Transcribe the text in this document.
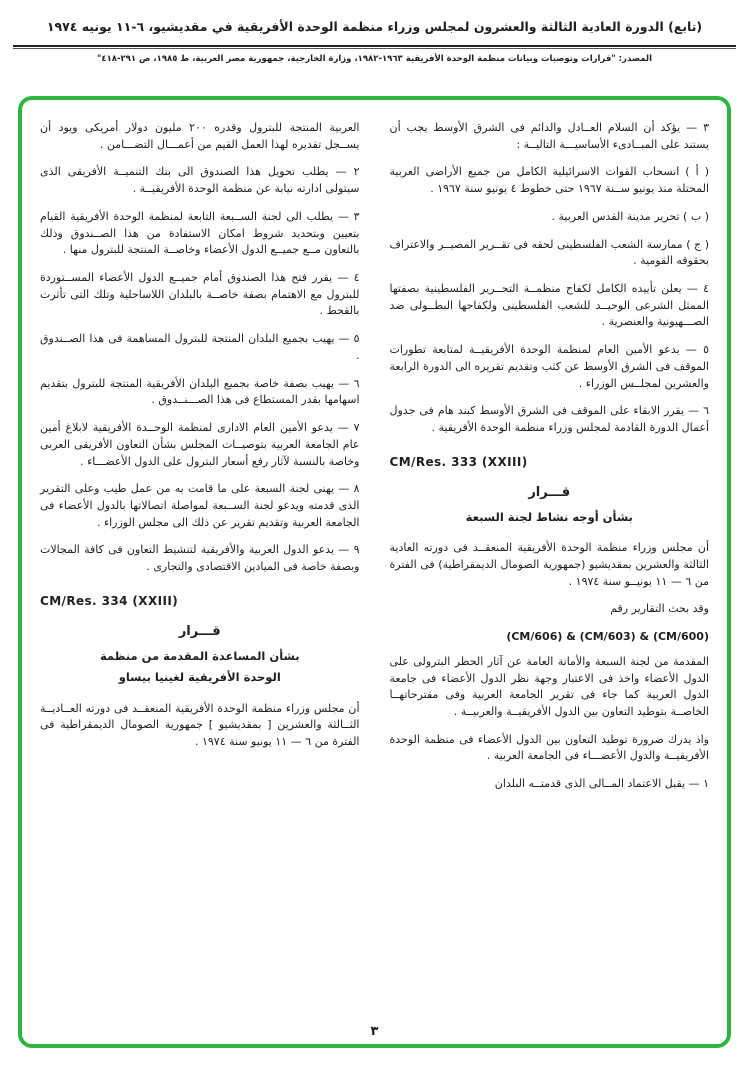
(تابع) الدورة العادية الثالثة والعشرون لمجلس وزراء منظمة الوحدة الأفريقية في مقديشيو، ٦-١١ يونيه ١٩٧٤
المصدر: "قرارات وتوصيات وبيانات منظمة الوحدة الأفريقية ١٩٦٣-١٩٨٢، وزارة الخارجية، جمهورية مصر العربية، ط ١٩٨٥، ص ٢٩١-٤١٨"
٣ — يؤكد أن السلام العــادل والدائم فى الشرق الأوسط يجب أن يستند على المبــادىء الأساسيـــة التاليــة :
( أ ) انسحاب القوات الاسرائيلية الكامل من جميع الأراضى العربية المحتلة منذ يونيو ســنة ١٩٦٧ حتى خطوط ٤ يونيو سنة ١٩٦٧ .
( ب ) تحرير مدينة القدس العربية .
( ج ) ممارسة الشعب الفلسطينى لحقه فى تقــرير المصيــر والاعتراف بحقوقه القومية .
٤ — يعلن تأييده الكامل لكفاح منظمــة التحــرير الفلسطينية بصفتها الممثل الشرعى الوحيــد للشعب الفلسطينى ولكفاحها البطــولى ضد الصـــهيونية والعنصرية .
٥ — يدعو الأمين العام لمنظمة الوحدة الأفريقيــة لمتابعة تطورات الموقف فى الشرق الأوسط عن كثب وتقديم تقريره الى الدورة الرابعة والعشرين لمجلــس الوزراء .
٦ — يقرر الابقاء على الموقف فى الشرق الأوسط كبند هام فى جدول أعمال الدورة القادمة لمجلس وزراء منظمة الوحدة الأفريقية .
CM/Res. 333 (XXIII)
قـــرار
بشأن أوجه نشاط لجنة السبعة
أن مجلس وزراء منظمة الوحدة الأفريقية المنعقــد فى دورته العادية الثالثة والعشرين بمقديشيو (جمهورية الصومال الديمقراطية) فى الفترة من ٦ — ١١ يونيــو سنة ١٩٧٤ .
وقد بحث التقارير رقم
(CM/606) & (CM/603) & (CM/600)
المقدمة من لجنة السبعة والأمانة العامة عن آثار الحظر البترولى على الدول الأعضاء واخذ فى الاعتبار وجهة نظر الدول الأعضاء فى جامعة الدول العربية كما جاء فى تقرير الجامعة العربية وفى مقترحاتهــا الخاصــة بتوطيد التعاون بين الدول الأفريقيــة والعربيــة .
واذ يدرك ضرورة توطيد التعاون بين الدول الأعضاء فى منظمة الوحدة الأفريقيــة والدول الأعضـــاء فى الجامعة العربية .
١ — يقبل الاعتماد المــالى الذى قدمتــه البلدان
العربية المنتجة للبترول وقدره ٢٠٠ مليون دولار أمريكى ويود أن يســجل تقديره لهذا العمل القيم من أعمـــال التضـــامن .
٢ — يطلب تحويل هذا الصندوق الى بنك التنميــة الأفريقى الذى سيتولى ادارته نيابة عن منظمة الوحدة الأفريقيــة .
٣ — يطلب الى لجنة الســبعة التابعة لمنظمة الوحدة الأفريقية القيام بتعيين وبتحديد شروط امكان الاستفادة من هذا الصــندوق وذلك بالتعاون مــع جميــع الدول الأعضاء وخاصــة المنتجة للبترول منها .
٤ — يقرر فتح هذا الصندوق أمام جميــع الدول الأعضاء المســتوردة للبترول مع الاهتمام بصفة خاصــة بالبلدان اللاساحلية وتلك التى تأثرت بالقحط .
٥ — يهيب بجميع البلدان المنتجة للبترول المساهمة فى هذا الصــندوق .
٦ — يهيب بصفة خاصة بجميع البلدان الأفريقية المنتجة للبترول بتقديم اسهامها بقدر المستطاع فى هذا الصـــنــدوق .
٧ — يدعو الأمين العام الادارى لمنظمة الوحــدة الأفريقية لابلاغ أمين عام الجامعة العربية بتوصيــات المجلس بشأن التعاون الأفريقى العربى وخاصة بالنسبة لآثار رفع أسعار البترول على الدول الأعضـــاء .
٨ — يهنى لجنة السبعة على ما قامت به من عمل طيب وعلى التقرير الذى قدمته ويدعو لجنة الســبعة لمواصلة اتصالاتها بالدول الأعضاء فى الجامعة العربية وتقديم تقرير عن ذلك الى مجلس الوزراء .
٩ — يدعو الدول العربية والأفريقية لتنشيط التعاون فى كافة المجالات وبصفة خاصة فى الميادين الاقتصادى والتجارى .
CM/Res. 334 (XXIII)
قـــرار
بشأن المساعدة المقدمة من منظمة
الوحدة الأفريقية لغينيا بيساو
أن مجلس وزراء منظمة الوحدة الأفريقية المنعقــد فى دورته العــاديــة الثــالثة والعشرين [ بمقديشيو ] جمهورية الصومال الديمقراطية فى الفترة من ٦ — ١١ يونيو سنة ١٩٧٤ .
٣
